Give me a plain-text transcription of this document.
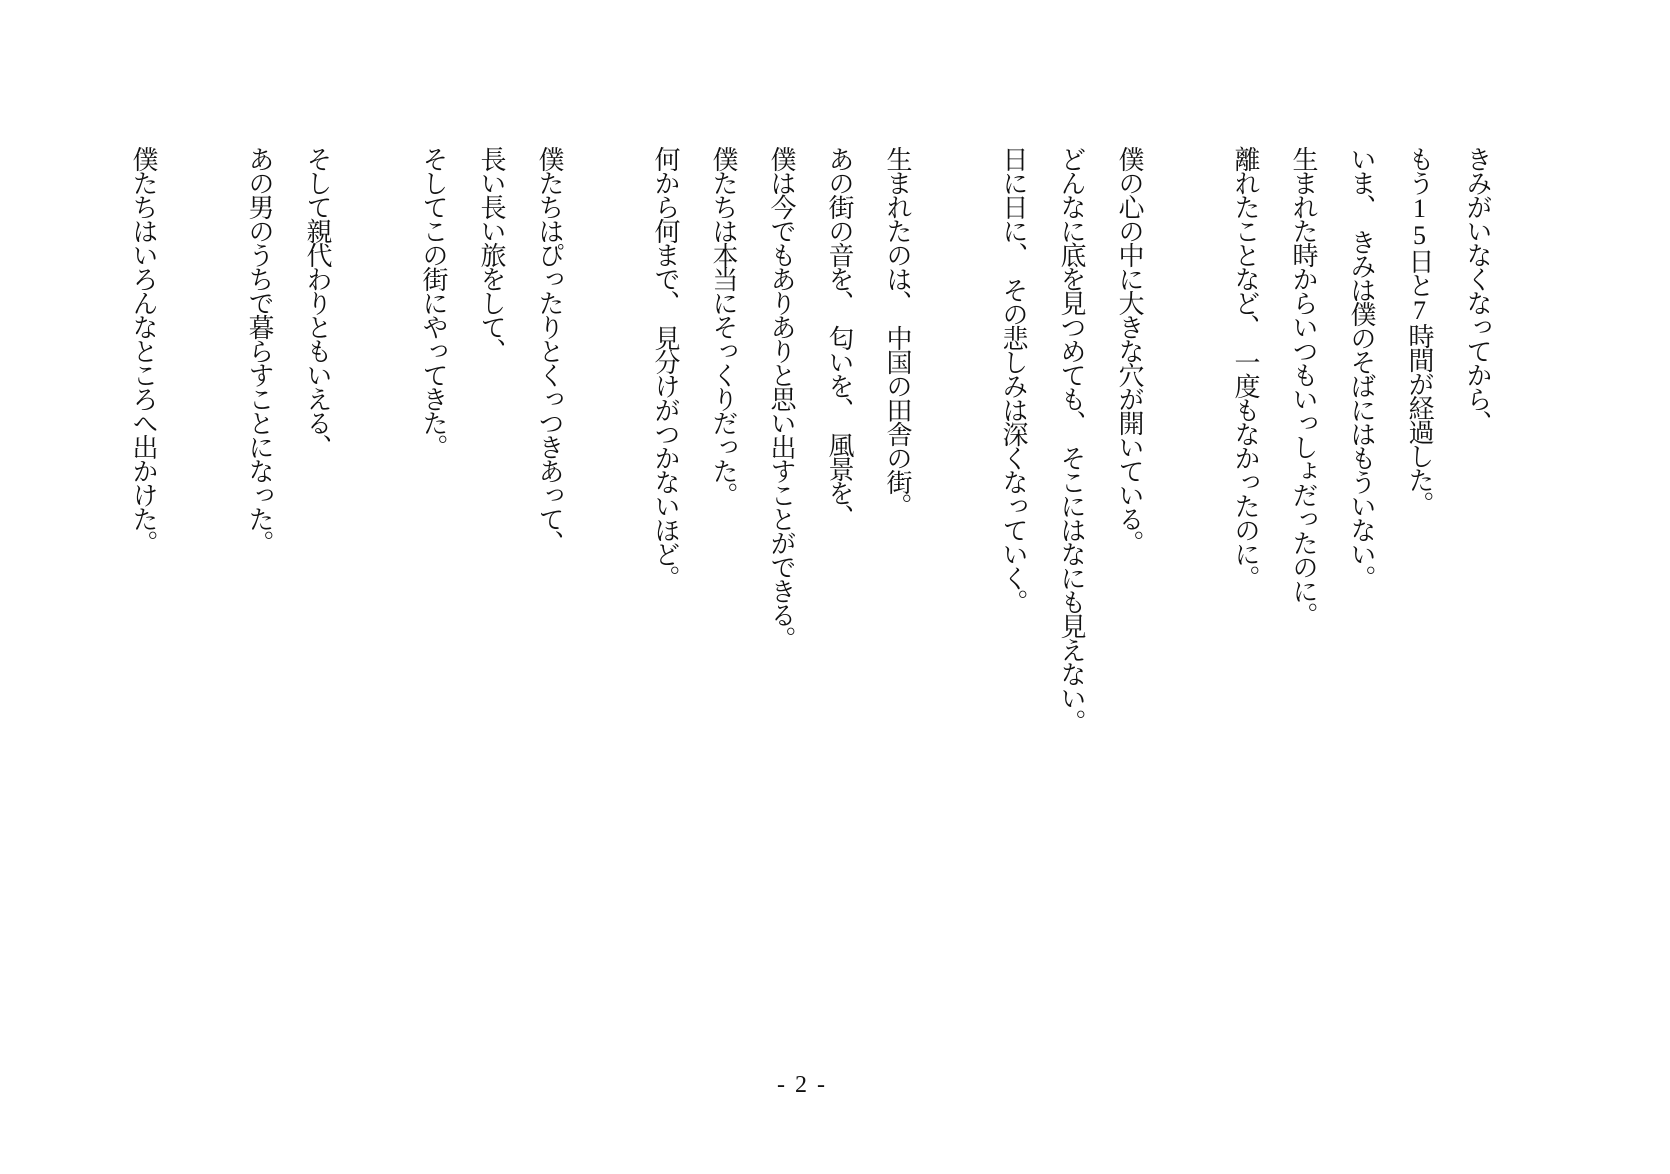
きみがいなくなってから、

もう15日と7時間が経過した。

いま、　きみは僕のそばにはもういない。

生まれた時からいつもいっしょだったのに。

離れたことなど、　一度もなかったのに。

僕の心の中に大きな穴が開いている。

どんなに底を見つめても、　そこにはなにも見えない。

日に日に、　その悲しみは深くなっていく。

生まれたのは、　中国の田舎の街。

あの街の音を、　匂いを、　風景を、

僕は今でもありありと思い出すことができる。

僕たちは本当にそっくりだった。

何から何まで、　見分けがつかないほど。

僕たちはぴったりとくっつきあって、

長い長い旅をして、

そしてこの街にやってきた。

そして親代わりともいえる、

あの男のうちで暮らすことになった。

僕たちはいろんなところへ出かけた。

- 2 -
